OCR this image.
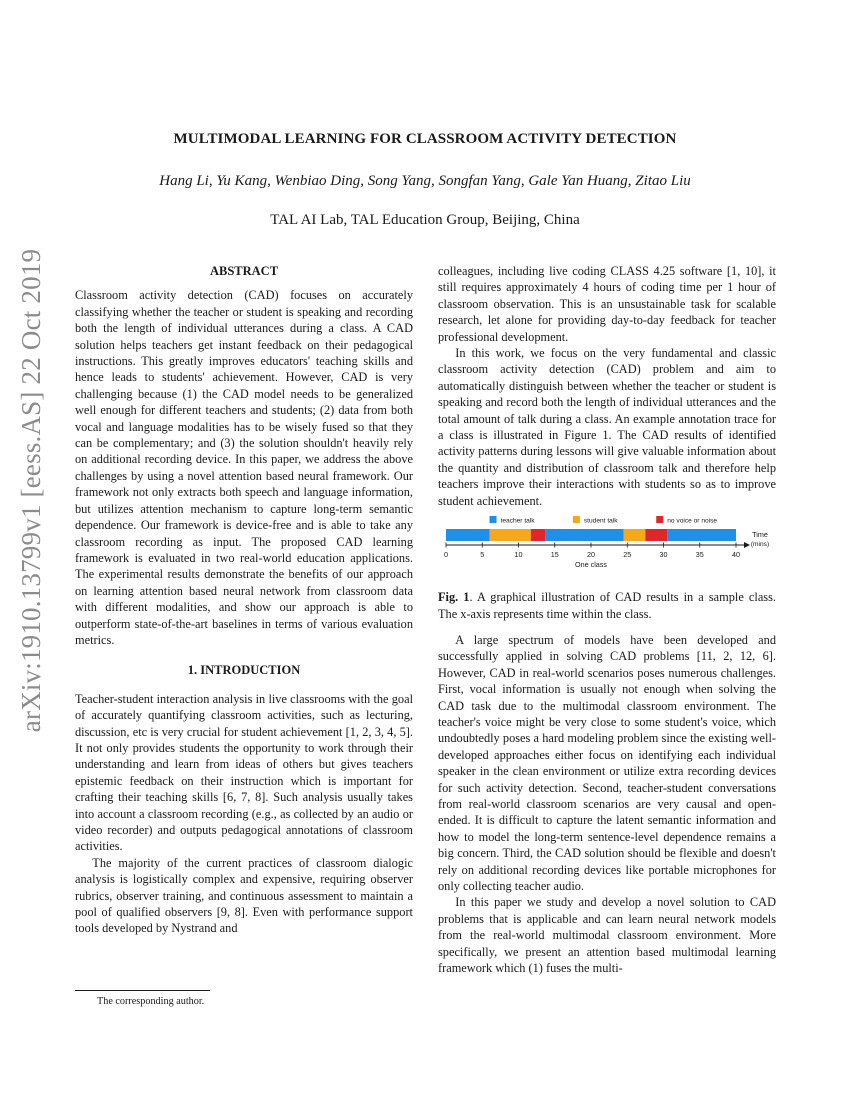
arXiv:1910.13799v1 [eess.AS] 22 Oct 2019
MULTIMODAL LEARNING FOR CLASSROOM ACTIVITY DETECTION
Hang Li, Yu Kang, Wenbiao Ding, Song Yang, Songfan Yang, Gale Yan Huang, Zitao Liu
TAL AI Lab, TAL Education Group, Beijing, China
ABSTRACT

Classroom activity detection (CAD) focuses on accurately classifying whether the teacher or student is speaking and recording both the length of individual utterances during a class. A CAD solution helps teachers get instant feedback on their pedagogical instructions. This greatly improves educators' teaching skills and hence leads to students' achievement. However, CAD is very challenging because (1) the CAD model needs to be generalized well enough for different teachers and students; (2) data from both vocal and language modalities has to be wisely fused so that they can be complementary; and (3) the solution shouldn't heavily rely on additional recording device. In this paper, we address the above challenges by using a novel attention based neural framework. Our framework not only extracts both speech and language information, but utilizes attention mechanism to capture long-term semantic dependence. Our framework is device-free and is able to take any classroom recording as input. The proposed CAD learning framework is evaluated in two real-world education applications. The experimental results demonstrate the benefits of our approach on learning attention based neural network from classroom data with different modalities, and show our approach is able to outperform state-of-the-art baselines in terms of various evaluation metrics.

1. INTRODUCTION

Teacher-student interaction analysis in live classrooms with the goal of accurately quantifying classroom activities, such as lecturing, discussion, etc is very crucial for student achievement [1, 2, 3, 4, 5]. It not only provides students the opportunity to work through their understanding and learn from ideas of others but gives teachers epistemic feedback on their instruction which is important for crafting their teaching skills [6, 7, 8]. Such analysis usually takes into account a classroom recording (e.g., as collected by an audio or video recorder) and outputs pedagogical annotations of classroom activities.

The majority of the current practices of classroom dialogic analysis is logistically complex and expensive, requiring observer rubrics, observer training, and continuous assessment to maintain a pool of qualified observers [9, 8]. Even with performance support tools developed by Nystrand and

The corresponding author.

colleagues, including live coding CLASS 4.25 software [1, 10], it still requires approximately 4 hours of coding time per 1 hour of classroom observation. This is an unsustainable task for scalable research, let alone for providing day-to-day feedback for teacher professional development.

In this work, we focus on the very fundamental and classic classroom activity detection (CAD) problem and aim to automatically distinguish between whether the teacher or student is speaking and record both the length of individual utterances and the total amount of talk during a class. An example annotation trace for a class is illustrated in Figure 1. The CAD results of identified activity patterns during lessons will give valuable information about the quantity and distribution of classroom talk and therefore help teachers improve their interactions with students so as to improve student achievement.

teacher talk	student talk	no voice or noise
0	5	10	15	20	25	30	35	40
Time
(mins)
One class

Fig. 1. A graphical illustration of CAD results in a sample class. The x-axis represents time within the class.

A large spectrum of models have been developed and successfully applied in solving CAD problems [11, 2, 12, 6]. However, CAD in real-world scenarios poses numerous challenges. First, vocal information is usually not enough when solving the CAD task due to the multimodal classroom environment. The teacher's voice might be very close to some student's voice, which undoubtedly poses a hard modeling problem since the existing well-developed approaches either focus on identifying each individual speaker in the clean environment or utilize extra recording devices for such activity detection. Second, teacher-student conversations from real-world classroom scenarios are very causal and open-ended. It is difficult to capture the latent semantic information and how to model the long-term sentence-level dependence remains a big concern. Third, the CAD solution should be flexible and doesn't rely on additional recording devices like portable microphones for only collecting teacher audio.

In this paper we study and develop a novel solution to CAD problems that is applicable and can learn neural network models from the real-world multimodal classroom environment. More specifically, we present an attention based multimodal learning framework which (1) fuses the multi-
